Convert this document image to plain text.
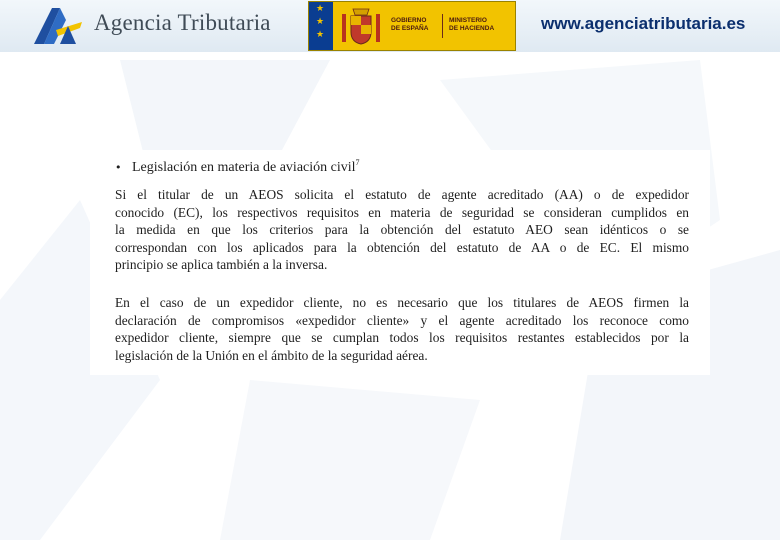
Agencia Tributaria
★
★
★
GOBIERNO
DE ESPAÑA
MINISTERIO
DE HACIENDA	www.agenciatributaria.es
• Legislación en materia de aviación civil$^7$

Si el titular de un AEOS solicita el estatuto de agente acreditado (AA) o de expedidor
conocido (EC), los respectivos requisitos en materia de seguridad se consideran cumplidos en
la medida en que los criterios para la obtención del estatuto AEO sean idénticos o se
correspondan con los aplicados para la obtención del estatuto de AA o de EC. El mismo
principio se aplica también a la inversa.

En el caso de un expedidor cliente, no es necesario que los titulares de AEOS firmen la
declaración de compromisos «expedidor cliente» y el agente acreditado los reconoce como
expedidor cliente, siempre que se cumplan todos los requisitos restantes establecidos por la
legislación de la Unión en el ámbito de la seguridad aérea.
